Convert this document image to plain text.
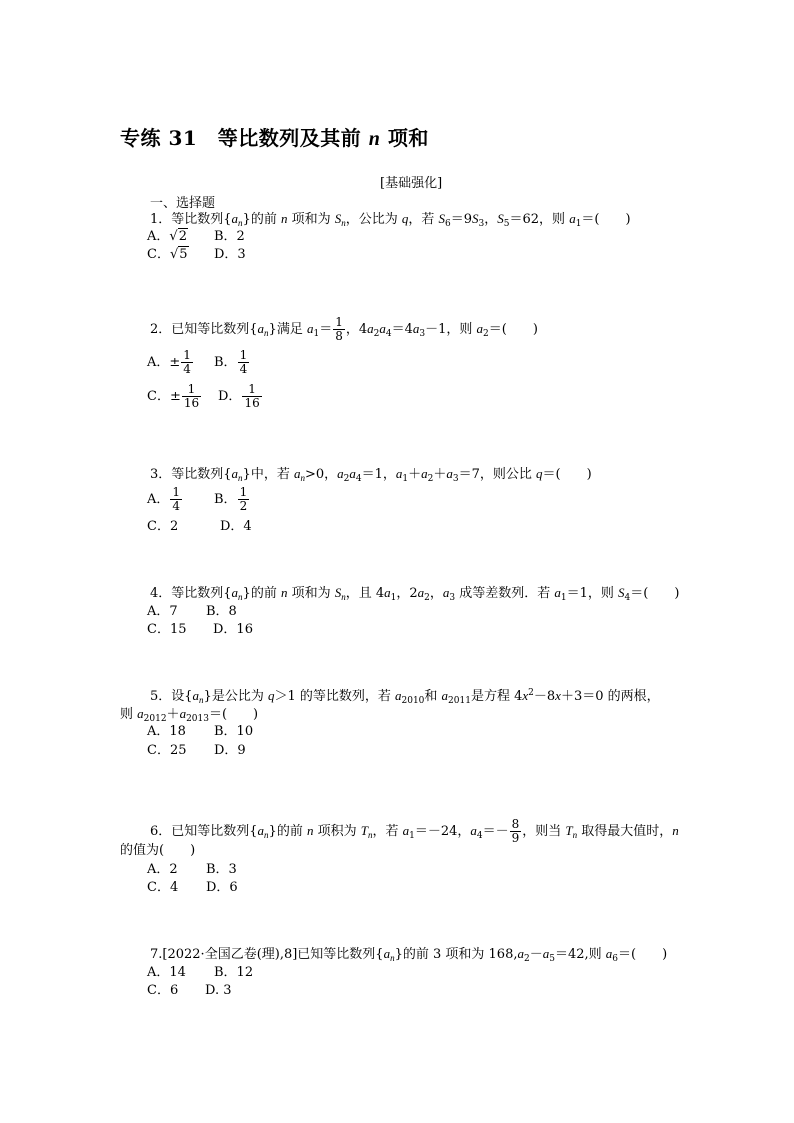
专练 31　等比数列及其前 n 项和
[基础强化]
一、选择题
1．等比数列$\{a_n\}$的前 n 项和为 $S_n$，公比为 q，若 $S_6=9S_3$，$S_5=62$，则 $a_1=$(　　)
A．√2 B．2
C．√5 D．3
2．已知等比数列$\{a_n\}$满足 $a_1= \frac{1}{8}$ ，$4a_2a_4=4a_3-1$，则 $a_2=$(　　)
A．± $\frac{1}{4}$ B． $\frac{1}{4}$
C．± $\frac{1}{16}$ D． $\frac{1}{16}$
3．等比数列$\{a_n\}$中，若 $a_n>0$，$a_2a_4=1$，$a_1+a_2+a_3=7$，则公比 q＝(　　)
A． $\frac{1}{4}$ B． $\frac{1}{2}$
C．2	D．4
4．等比数列$\{a_n\}$的前 n 项和为 $S_n$，且 $4a_1$，$2a_2$，$a_3$ 成等差数列．若 $a_1=1$，则 $S_4=$(　　)
A．7 B．8
C．15 D．16
5．设$\{a_n\}$是公比为 q＞1 的等比数列，若 $a_{2010}$和 $a_{2011}$是方程 $4x^2-8x+3=0$ 的两根，
则 $a_{2012}+a_{2013}=$(　　)
A．18 B．10
C．25 D．9
6．已知等比数列$\{a_n\}$的前 n 项积为 $T_n$，若 $a_1=-24$，$a_4=- \frac{8}{9}$ ，则当 $T_n$ 取得最大值时，n
的值为(　　)
A．2 B．3
C．4 D．6
7.[2022·全国乙卷(理),8]已知等比数列$\{a_n\}$的前 3 项和为 $168,a_2-a_5=42$,则 $a_6=$(　　)
A．14 B．12
C．6 D. 3
